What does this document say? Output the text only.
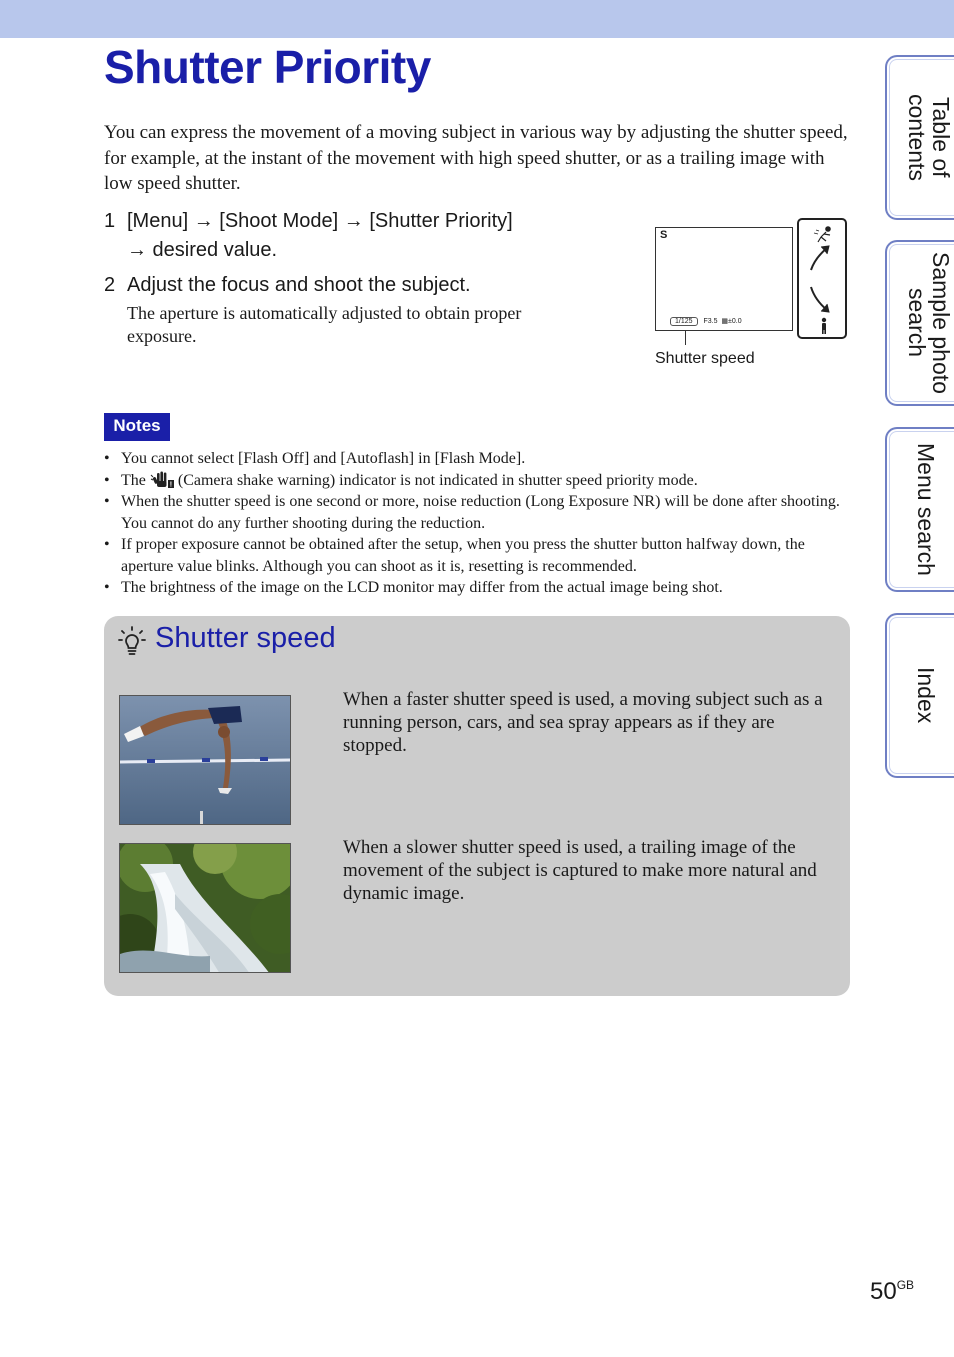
Shutter Priority

You can express the movement of a moving subject in various way by adjusting the shutter speed, for example, at the instant of the movement with high speed shutter, or as a trailing image with low speed shutter.

1 [Menu] → [Shoot Mode] → [Shutter Priority]
→ desired value.
2 Adjust the focus and shoot the subject.

The aperture is automatically adjusted to obtain proper exposure.

S
1/125 F3.5  ▦±0.0
Shutter speed
Notes
• You cannot select [Flash Off] and [Autoflash] in [Flash Mode].
• The	! (Camera shake warning) indicator is not indicated in shutter speed priority mode.
• When the shutter speed is one second or more, noise reduction (Long Exposure NR) will be done after shooting. You cannot do any further shooting during the reduction.
• If proper exposure cannot be obtained after the setup, when you press the shutter button halfway down, the aperture value blinks. Although you can shoot as it is, resetting is recommended.
• The brightness of the image on the LCD monitor may differ from the actual image being shot.
Shutter speed

When a faster shutter speed is used, a moving subject such as a running person, cars, and sea spray appears as if they are stopped.

When a slower shutter speed is used, a trailing image of the movement of the subject is captured to make more natural and dynamic image.

Table of contents
Sample photo search
Menu search
Index
$50^{GB}$
